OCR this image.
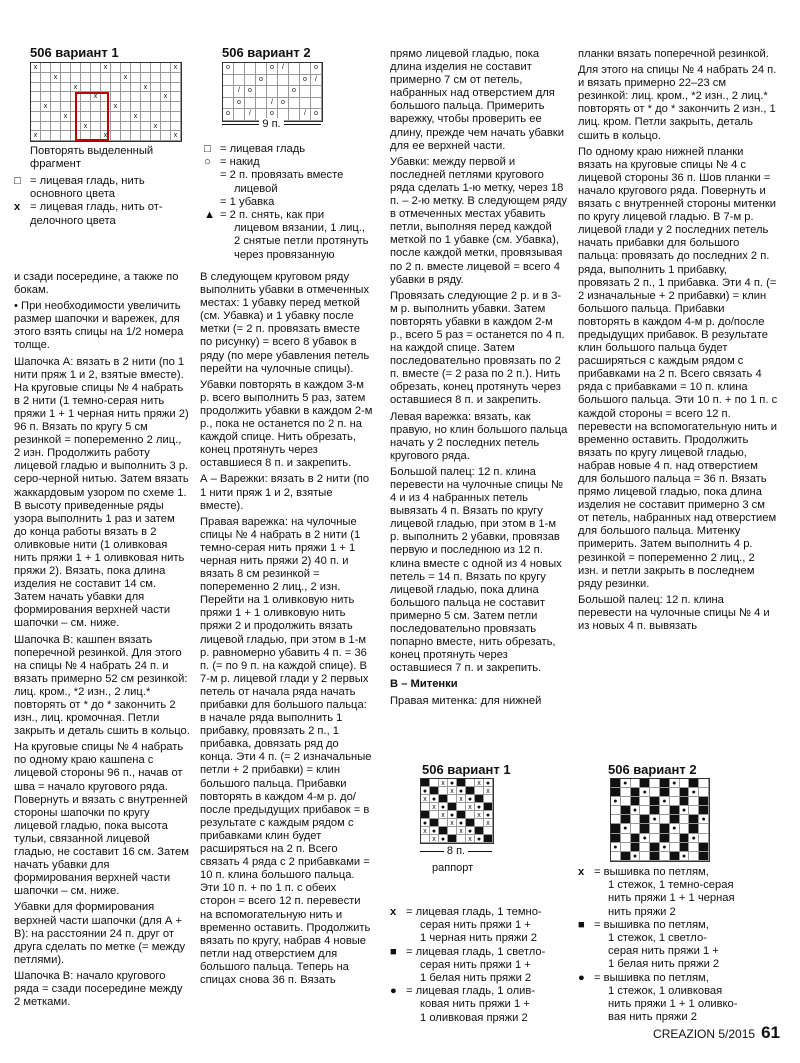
506 вариант 1
x	x	x
x	x
x	x
x	x
x	x
x	x
x	x
x	x	x
Повторять выделенный
фрагмент
□ = лицевая гладь, нить
основного цвета
x = лицевая гладь, нить от-
делочного цвета
506 вариант 2
o	o	/	o
o	o	/
/	o	o
o	/	o
o	/	o	/	o
9 п.
□ = лицевая гладь
○ = накид
= 2 п. провязать вместе
лицевой
= 1 убавка
▲ = 2 п. снять, как при
лицевом вязании, 1 лиц.,
2 снятые петли протянуть
через провязанную

и сзади посередине, а также по бокам.

• При необходимости увеличить размер шапочки и варежек, для этого взять спицы на 1/2 номера толще.

Шапочка А: вязать в 2 нити (по 1 нити пряж 1 и 2, взятые вместе). На круговые спицы № 4 набрать в 2 нити (1 темно-серая нить пряжи 1 + 1 черная нить пряжи 2) 96 п. Вязать по кругу 5 см резинкой = попеременно 2 лиц., 2 изн. Продолжить работу лицевой гладью и выполнить 3 р. серо-черной нитью. Затем вязать жаккардовым узором по схеме 1. В высоту приведенные ряды узора выполнить 1 раз и затем до конца работы вязать в 2 оливковые нити (1 оливковая нить пряжи 1 + 1 оливковая нить пряжи 2). Вязать, пока длина изделия не составит 14 см. Затем начать убавки для формирования верхней части шапочки – см. ниже.

Шапочка В: кашпен вязать поперечной резинкой. Для этого на спицы № 4 набрать 24 п. и вязать примерно 52 см резинкой: лиц. кром., *2 изн., 2 лиц.* повторять от * до * закончить 2 изн., лиц. кромочная. Петли закрыть и деталь сшить в кольцо.

На круговые спицы № 4 набрать по одному краю кашпена с лицевой стороны 96 п., начав от шва = начало кругового ряда. Повернуть и вязать с внутренней стороны шапочки по кругу лицевой гладью, пока высота тульи, связанной лицевой гладью, не составит 16 см. Затем начать убавки для формирования верхней части шапочки – см. ниже.

Убавки для формирования верхней части шапочки (для А + В): на расстоянии 24 п. друг от друга сделать по метке (= между петлями).

Шапочка В: начало кругового ряда = сзади посередине между 2 метками.

В следующем круговом ряду выполнить убавки в отмеченных местах: 1 убавку перед меткой (см. Убавка) и 1 убавку после метки (= 2 п. провязать вместе по рисунку) = всего 8 убавок в ряду (по мере убавления петель перейти на чулочные спицы).

Убавки повторять в каждом 3-м р. всего выполнить 5 раз, затем продолжить убавки в каждом 2-м р., пока не останется по 2 п. на каждой спице. Нить обрезать, конец протянуть через оставшиеся 8 п. и закрепить.

А – Варежки: вязать в 2 нити (по 1 нити пряж 1 и 2, взятые вместе).

Правая варежка: на чулочные спицы № 4 набрать в 2 нити (1 темно-серая нить пряжи 1 + 1 черная нить пряжи 2) 40 п. и вязать 8 см резинкой = попеременно 2 лиц., 2 изн. Перейти на 1 оливковую нить пряжи 1 + 1 оливковую нить пряжи 2 и продолжить вязать лицевой гладью, при этом в 1-м р. равномерно убавить 4 п. = 36 п. (= по 9 п. на каждой спице). В 7-м р. лицевой глади у 2 первых петель от начала ряда начать прибавки для большого пальца: в начале ряда выполнить 1 прибавку, провязать 2 п., 1 прибавка, довязать ряд до конца. Эти 4 п. (= 2 изначальные петли + 2 прибавки) = клин большого пальца. Прибавки повторять в каждом 4-м р. до/после предыдущих прибавок = в результате с каждым рядом с прибавками клин будет расширяться на 2 п. Всего связать 4 ряда с 2 прибавками = 10 п. клина большого пальца. Эти 10 п. + по 1 п. с обеих сторон = всего 12 п. перевести на вспомогательную нить и временно оставить. Продолжить вязать по кругу, набрав 4 новые петли над отверстием для большого пальца. Теперь на спицах снова 36 п. Вязать

прямо лицевой гладью, пока длина изделия не составит примерно 7 см от петель, набранных над отверстием для большого пальца. Примерить варежку, чтобы проверить ее длину, прежде чем начать убавки для ее верхней части.

Убавки: между первой и последней петлями кругового ряда сделать 1-ю метку, через 18 п. – 2-ю метку. В следующем ряду в отмеченных местах убавить петли, выполняя перед каждой меткой по 1 убавке (см. Убавка), после каждой метки, провязывая по 2 п. вместе лицевой = всего 4 убавки в ряду.

Провязать следующие 2 р. и в 3-м р. выполнить убавки. Затем повторять убавки в каждом 2-м р., всего 5 раз = останется по 4 п. на каждой спице. Затем последовательно провязать по 2 п. вместе (= 2 раза по 2 п.). Нить обрезать, конец протянуть через оставшиеся 8 п. и закрепить.

Левая варежка: вязать, как правую, но клин большого пальца начать у 2 последних петель кругового ряда.

Большой палец: 12 п. клина перевести на чулочные спицы № 4 и из 4 набранных петель вывязать 4 п. Вязать по кругу лицевой гладью, при этом в 1-м р. выполнить 2 убавки, провязав первую и последнюю из 12 п. клина вместе с одной из 4 новых петель = 14 п. Вязать по кругу лицевой гладью, пока длина большого пальца не составит примерно 5 см. Затем петли последовательно провязать попарно вместе, нить обрезать, конец протянуть через оставшиеся 7 п. и закрепить.

В – Митенки

Правая митенка: для нижней

планки вязать поперечной резинкой.

Для этого на спицы № 4 набрать 24 п. и вязать примерно 22–23 см резинкой: лиц. кром., *2 изн., 2 лиц.* повторять от * до * закончить 2 изн., 1 лиц. кром. Петли закрыть, деталь сшить в кольцо.

По одному краю нижней планки вязать на круговые спицы № 4 с лицевой стороны 36 п. Шов планки = начало кругового ряда. Повернуть и вязать с внутренней стороны митенки по кругу лицевой гладью. В 7-м р. лицевой глади у 2 последних петель начать прибавки для большого пальца: провязать до последних 2 п. ряда, выполнить 1 прибавку, провязать 2 п., 1 прибавка. Эти 4 п. (= 2 изначальные + 2 прибавки) = клин большого пальца. Прибавки повторять в каждом 4-м р. до/после предыдущих прибавок. В результате клин большого пальца будет расширяться с каждым рядом с прибавками на 2 п. Всего связать 4 ряда с прибавками = 10 п. клина большого пальца. Эти 10 п. + по 1 п. с каждой стороны = всего 12 п. перевести на вспомогательную нить и временно оставить. Продолжить вязать по кругу лицевой гладью, набрав новые 4 п. над отверстием для большого пальца = 36 п. Вязать прямо лицевой гладью, пока длина изделия не составит примерно 3 см от петель, набранных над отверстием для большого пальца. Митенку примерить. Затем выполнить 4 р. резинкой = попеременно 2 лиц., 2 изн. и петли закрыть в последнем ряду резинки.

Большой палец: 12 п. клина перевести на чулочные спицы № 4 и из новых 4 п. вывязать

506 вариант 1
x ●	x ●
●	x ●	x
x ●	x ●
x ●	x ●
x ●	x ●
●	x ●	x
x ●	x ●
x ●	x ●
8 п.
раппорт
x = лицевая гладь, 1 темно-
серая нить пряжи 1 +
1 черная нить пряжи 2
■ = лицевая гладь, 1 светло-
серая нить пряжи 1 +
1 белая нить пряжи 2
● = лицевая гладь, 1 олив-
ковая нить пряжи 1 +
1 оливковая пряжи 2
506 вариант 2
●	●
●	●
●	●
●	●
●	●
●	●
●	●
●	●
●	●
x = вышивка по петлям,
1 стежок, 1 темно-серая
нить пряжи 1 + 1 черная
нить пряжи 2
■ = вышивка по петлям,
1 стежок, 1 светло-
серая нить пряжи 1 +
1 белая нить пряжи 2
● = вышивка по петлям,
1 стежок, 1 оливковая
нить пряжи 1 + 1 оливко-
вая нить пряжи 2
CREAZION 5/2015 61
